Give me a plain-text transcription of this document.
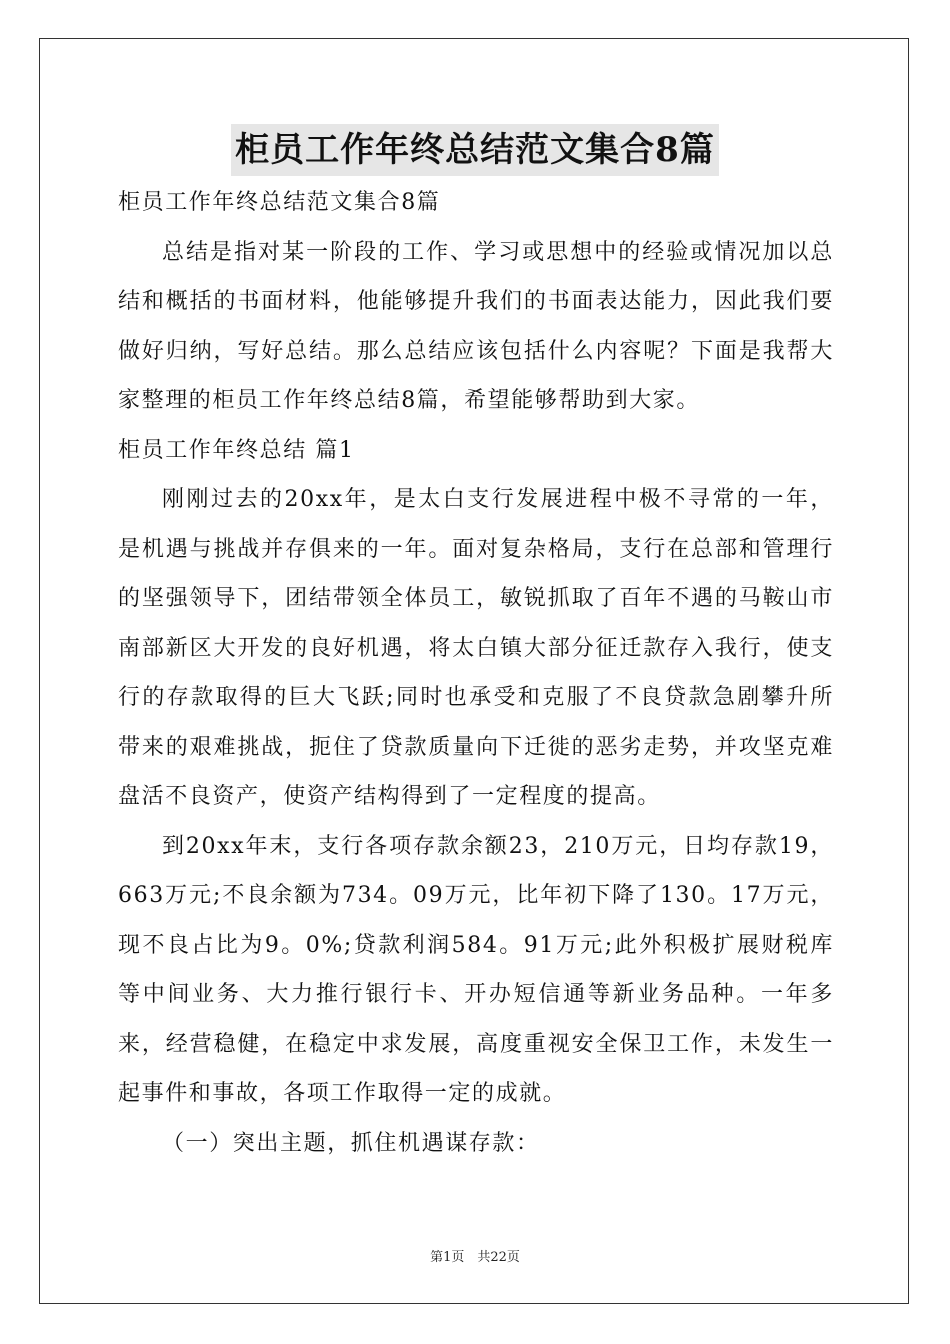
柜员工作年终总结范文集合8篇

柜员工作年终总结范文集合8篇

总结是指对某一阶段的工作、学习或思想中的经验或情况加以总结和概括的书面材料，他能够提升我们的书面表达能力，因此我们要做好归纳，写好总结。那么总结应该包括什么内容呢？下面是我帮大家整理的柜员工作年终总结8篇，希望能够帮助到大家。

柜员工作年终总结 篇1

刚刚过去的20xx年，是太白支行发展进程中极不寻常的一年，是机遇与挑战并存俱来的一年。面对复杂格局，支行在总部和管理行的坚强领导下，团结带领全体员工，敏锐抓取了百年不遇的马鞍山市南部新区大开发的良好机遇，将太白镇大部分征迁款存入我行，使支行的存款取得的巨大飞跃;同时也承受和克服了不良贷款急剧攀升所带来的艰难挑战，扼住了贷款质量向下迁徙的恶劣走势，并攻坚克难盘活不良资产，使资产结构得到了一定程度的提高。

到20xx年末，支行各项存款余额23，210万元，日均存款19，663万元;不良余额为734。09万元，比年初下降了130。17万元，现不良占比为9。0%;贷款利润584。91万元;此外积极扩展财税库等中间业务、大力推行银行卡、开办短信通等新业务品种。一年多来，经营稳健，在稳定中求发展，高度重视安全保卫工作，未发生一起事件和事故，各项工作取得一定的成就。

（一）突出主题，抓住机遇谋存款：

第1页　共22页
